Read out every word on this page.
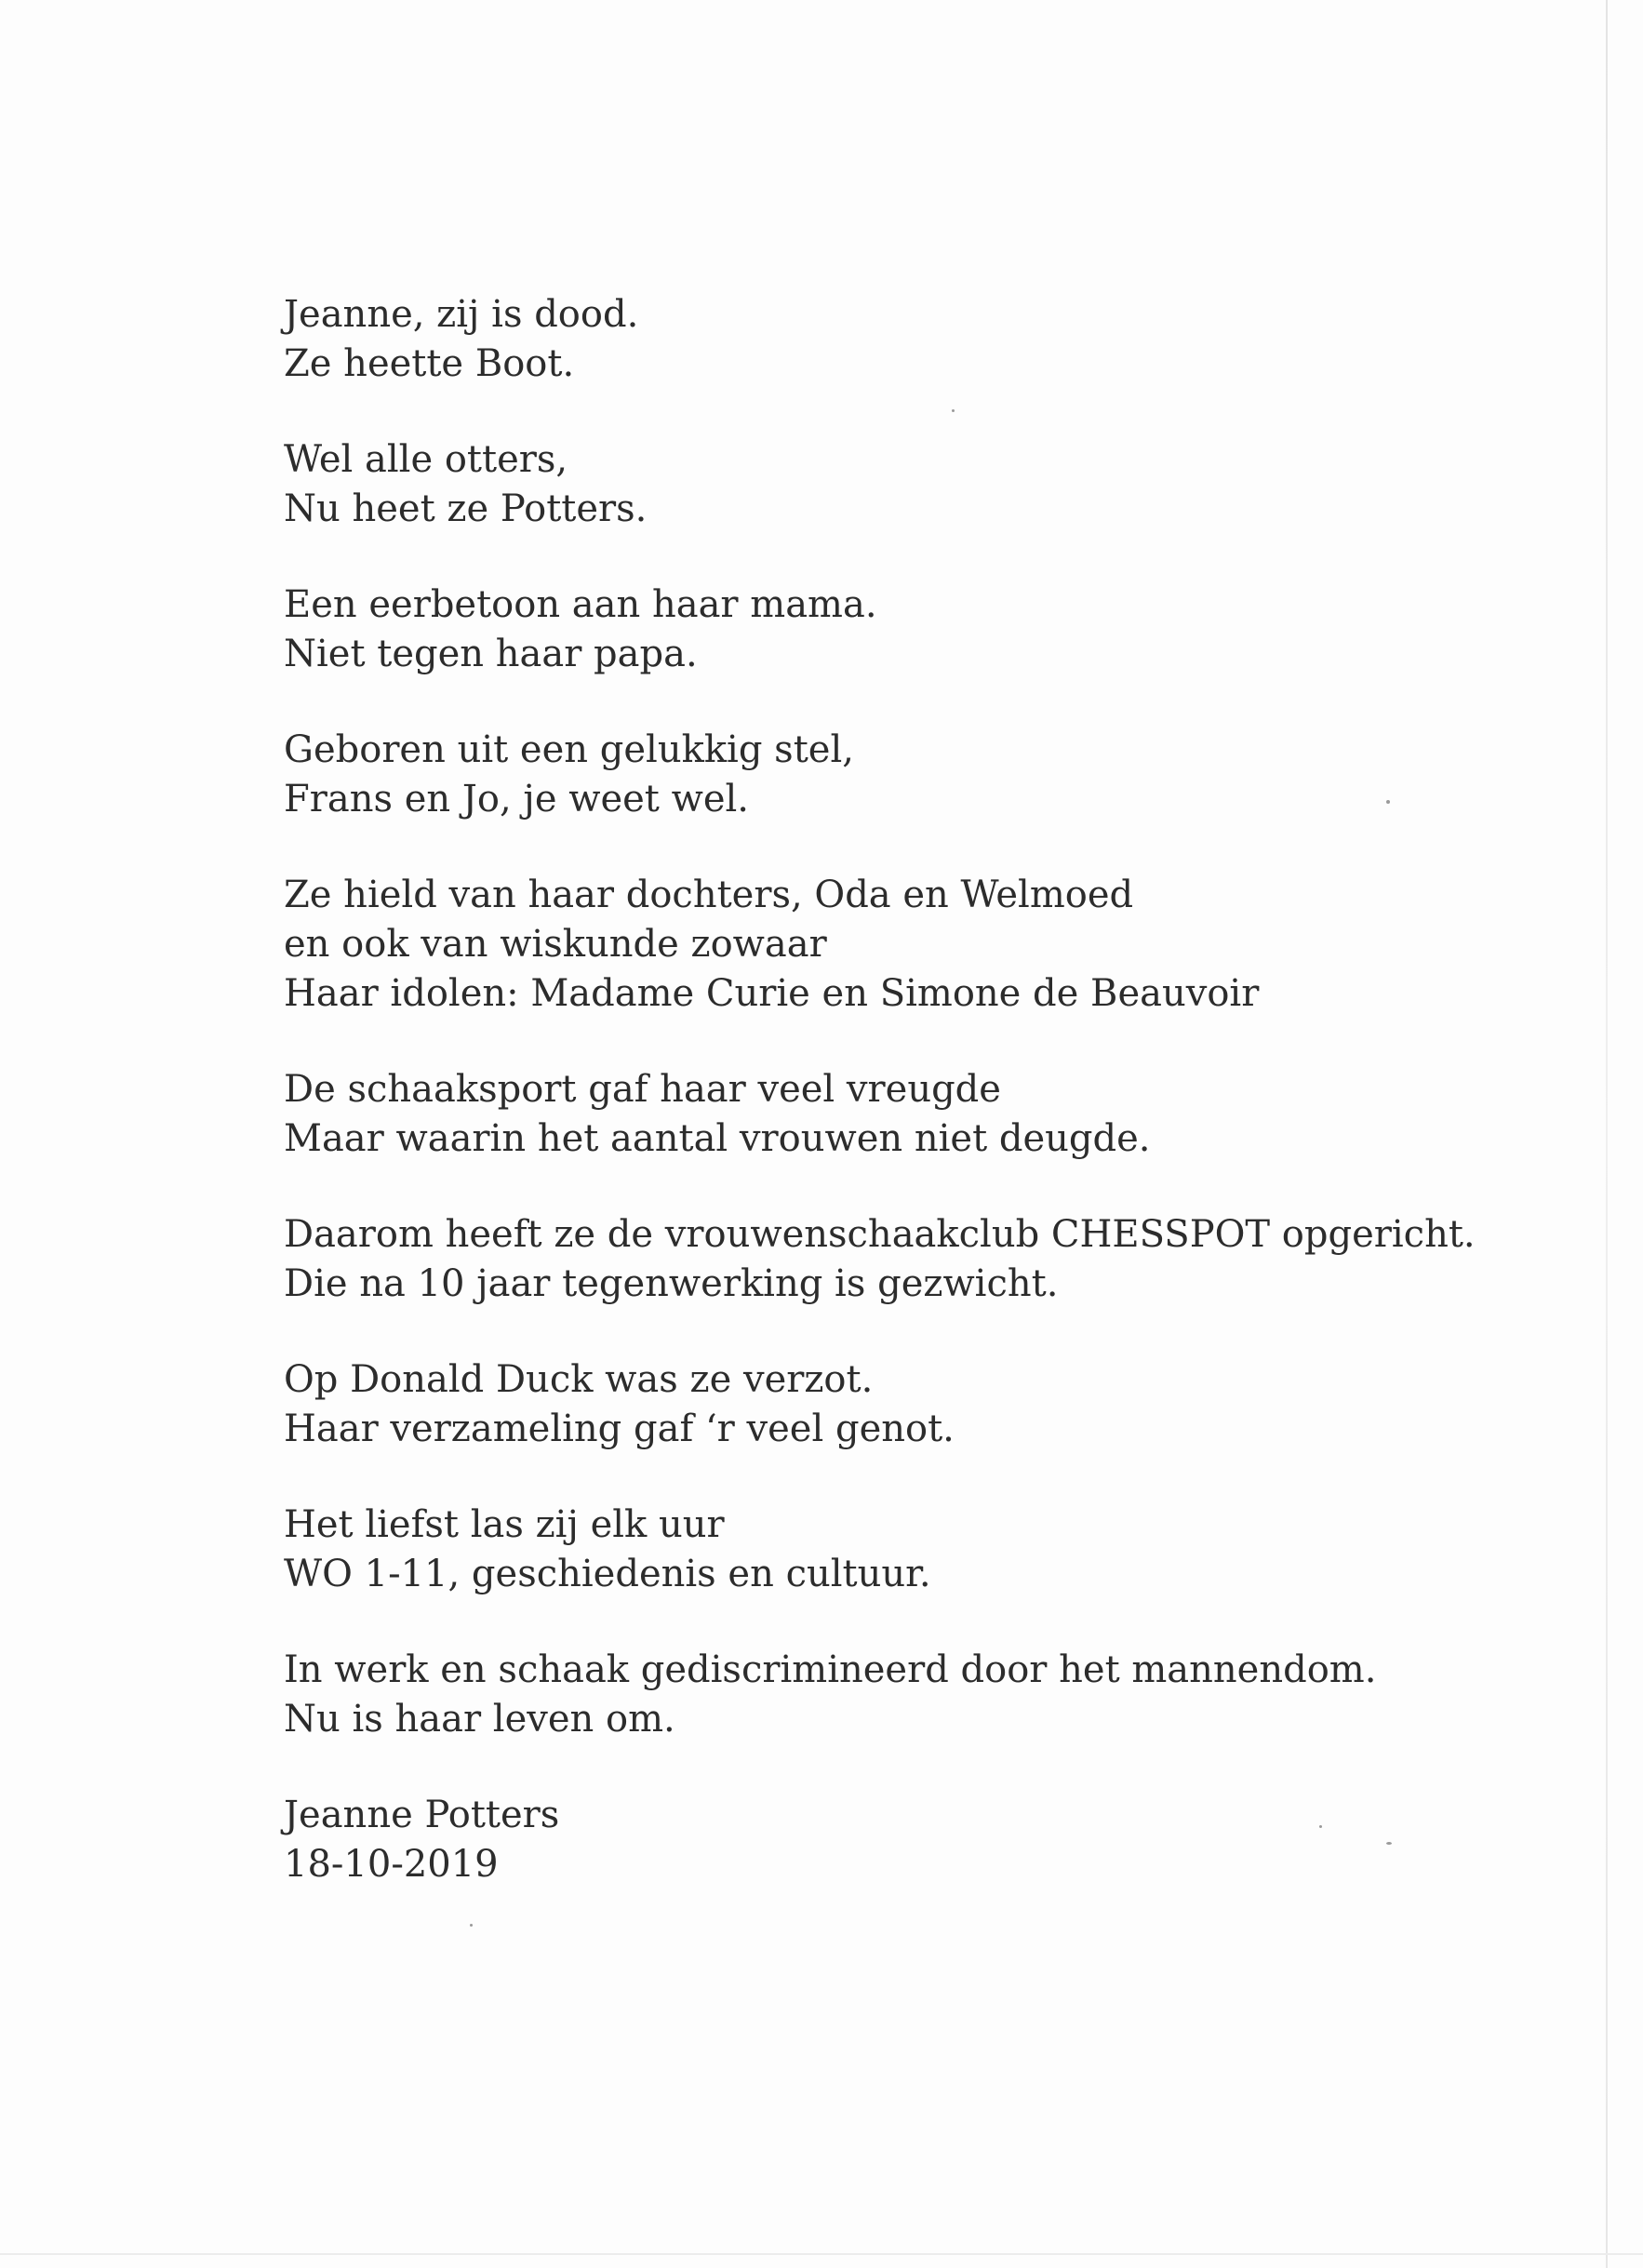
Jeanne, zij is dood.
Ze heette Boot.
Wel alle otters,
Nu heet ze Potters.
Een eerbetoon aan haar mama.
Niet tegen haar papa.
Geboren uit een gelukkig stel,
Frans en Jo, je weet wel.
Ze hield van haar dochters, Oda en Welmoed
en ook van wiskunde zowaar
Haar idolen: Madame Curie en Simone de Beauvoir
De schaaksport gaf haar veel vreugde
Maar waarin het aantal vrouwen niet deugde.
Daarom heeft ze de vrouwenschaakclub CHESSPOT opgericht.
Die na 10 jaar tegenwerking is gezwicht.
Op Donald Duck was ze verzot.
Haar verzameling gaf ‘r veel genot.
Het liefst las zij elk uur
WO 1-11, geschiedenis en cultuur.
In werk en schaak gediscrimineerd door het mannendom.
Nu is haar leven om.
Jeanne Potters
18-10-2019
